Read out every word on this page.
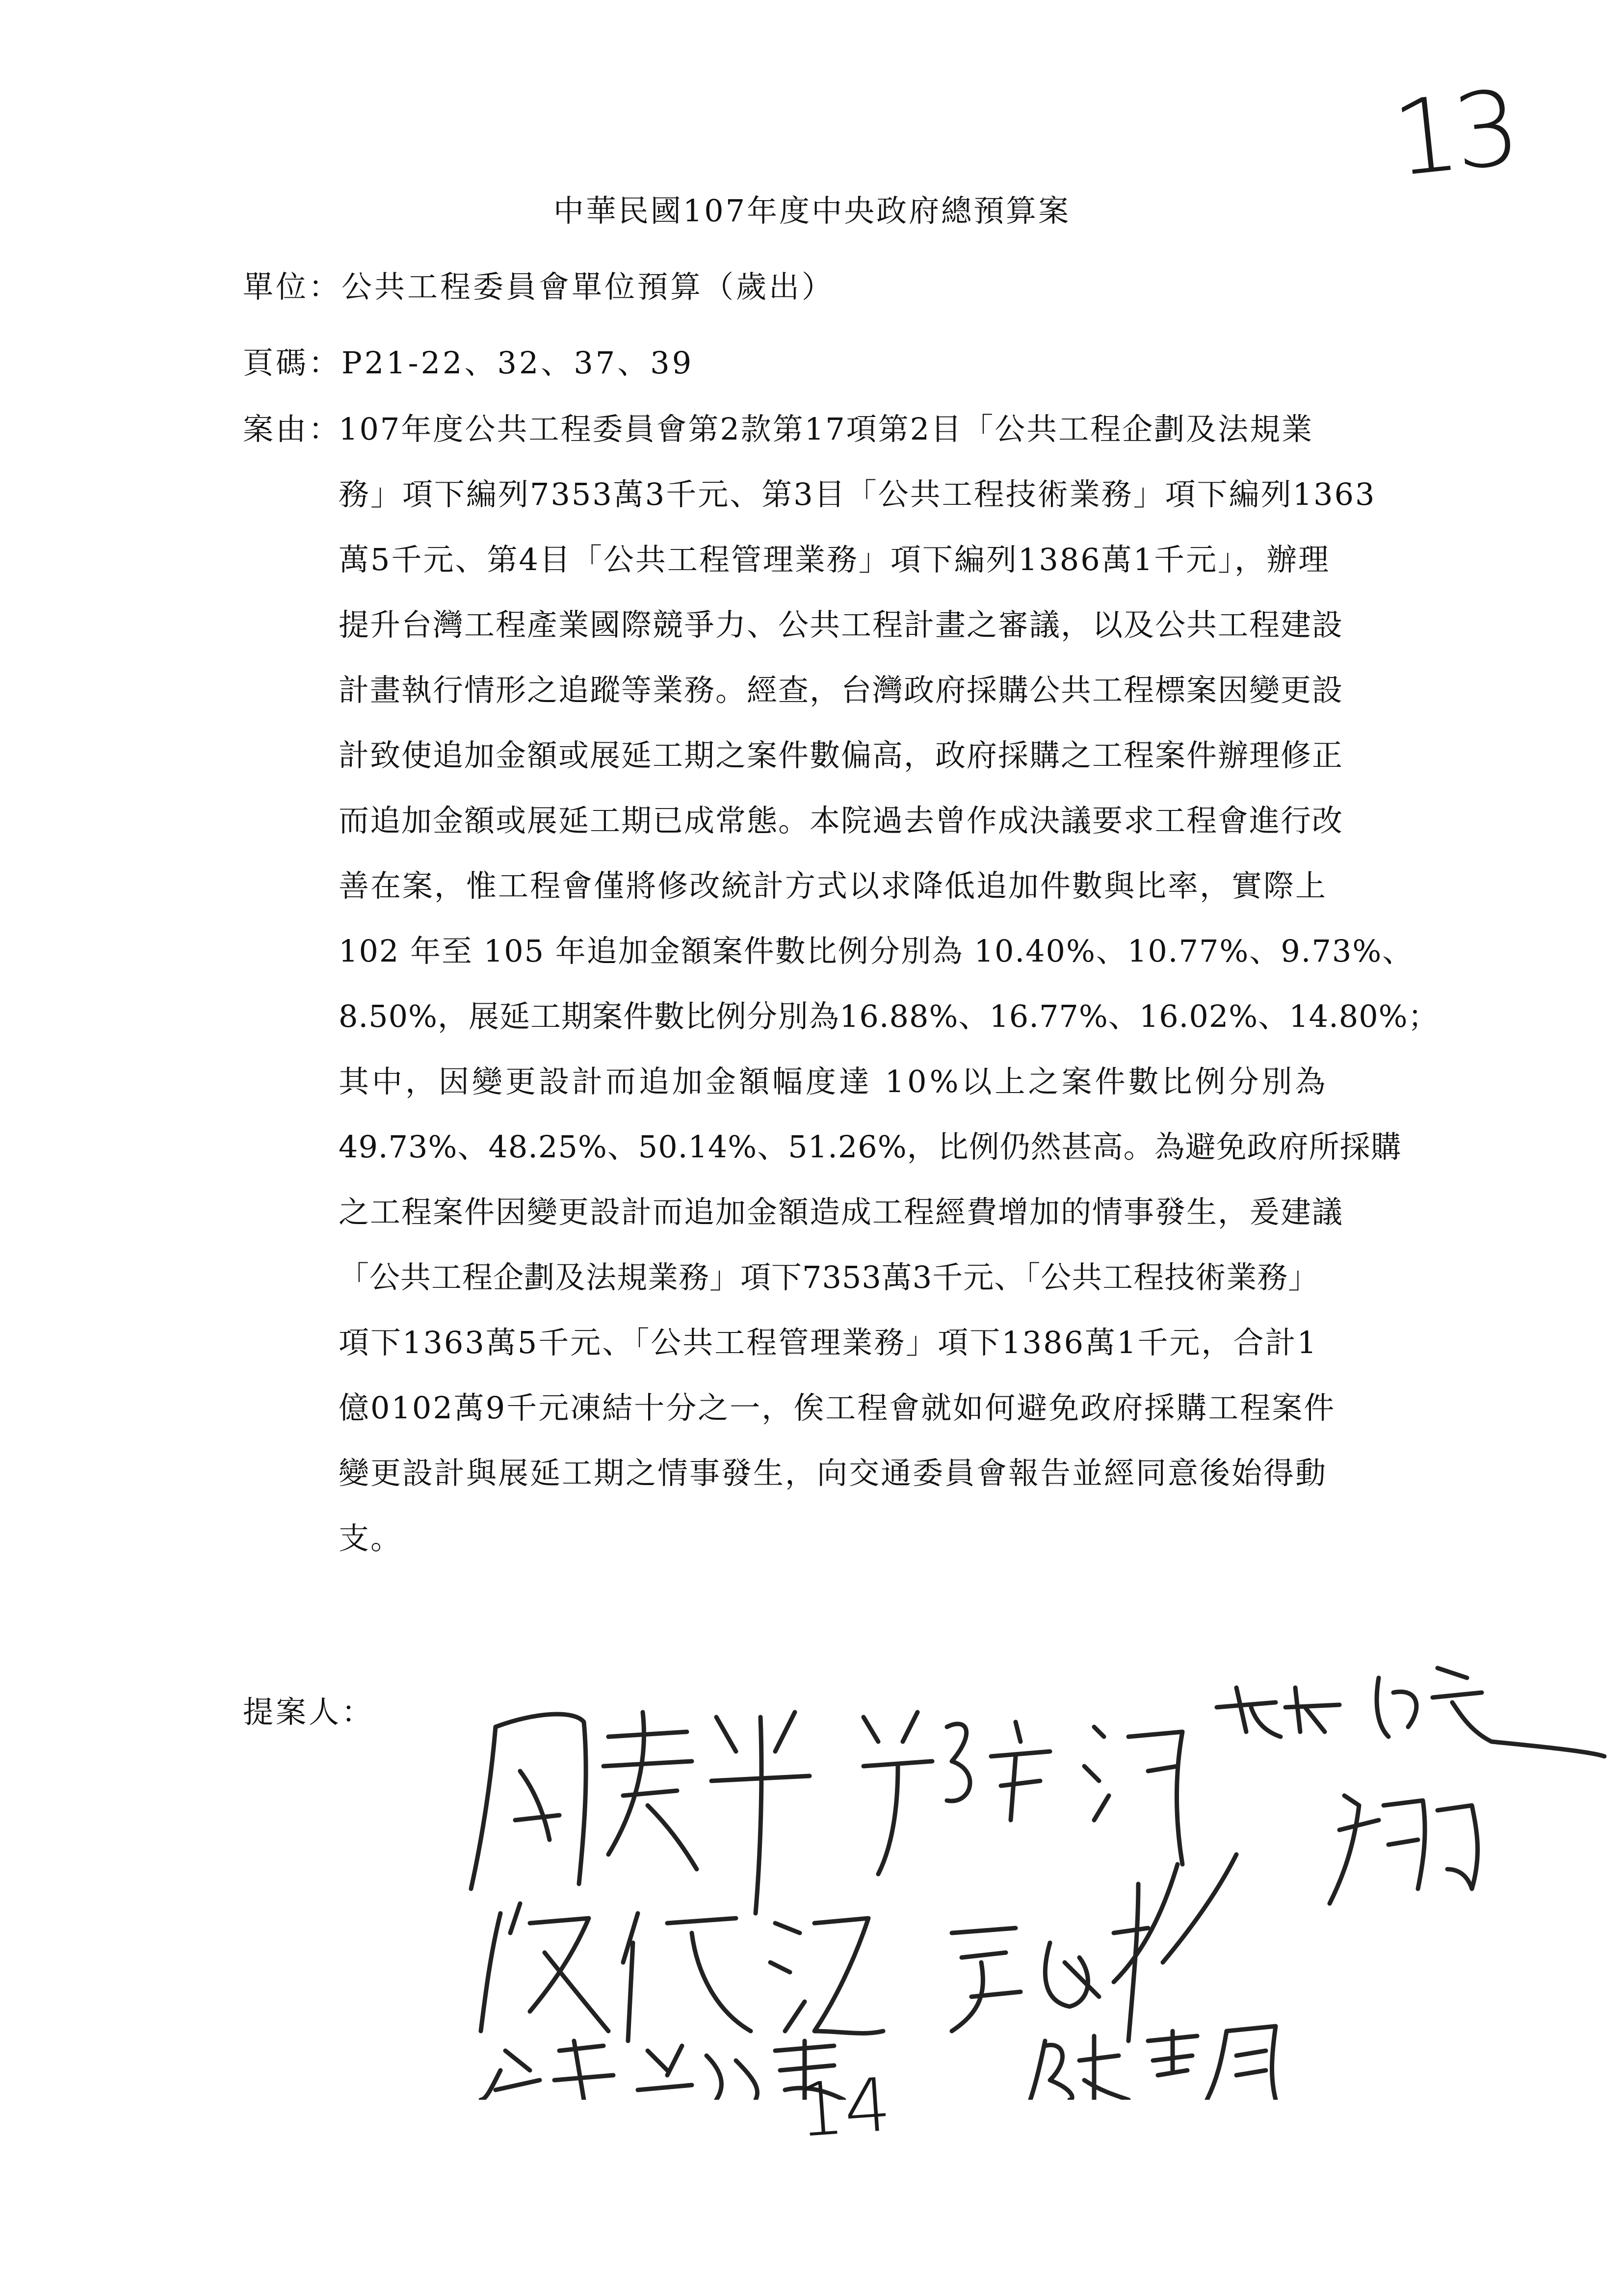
13
中華民國107年度中央政府總預算案
單位：公共工程委員會單位預算（歲出）
頁碼：P21-22、32、37、39
案由：
107年度公共工程委員會第2款第17項第2目「公共工程企劃及法規業
務」項下編列7353萬3千元、第3目「公共工程技術業務」項下編列1363
萬5千元、第4目「公共工程管理業務」項下編列1386萬1千元」，辦理
提升台灣工程產業國際競爭力、公共工程計畫之審議，以及公共工程建設
計畫執行情形之追蹤等業務。經查，台灣政府採購公共工程標案因變更設
計致使追加金額或展延工期之案件數偏高，政府採購之工程案件辦理修正
而追加金額或展延工期已成常態。本院過去曾作成決議要求工程會進行改
善在案，惟工程會僅將修改統計方式以求降低追加件數與比率，實際上
102 年至 105 年追加金額案件數比例分別為 10.40%、10.77%、9.73%、
8.50%，展延工期案件數比例分別為16.88%、16.77%、16.02%、14.80%；
其中，因變更設計而追加金額幅度達 10%以上之案件數比例分別為
49.73%、48.25%、50.14%、51.26%，比例仍然甚高。為避免政府所採購
之工程案件因變更設計而追加金額造成工程經費增加的情事發生，爰建議
「公共工程企劃及法規業務」項下7353萬3千元、「公共工程技術業務」
項下1363萬5千元、「公共工程管理業務」項下1386萬1千元，合計1
億0102萬9千元凍結十分之一，俟工程會就如何避免政府採購工程案件
變更設計與展延工期之情事發生，向交通委員會報告並經同意後始得動
支。
提案人：
14
